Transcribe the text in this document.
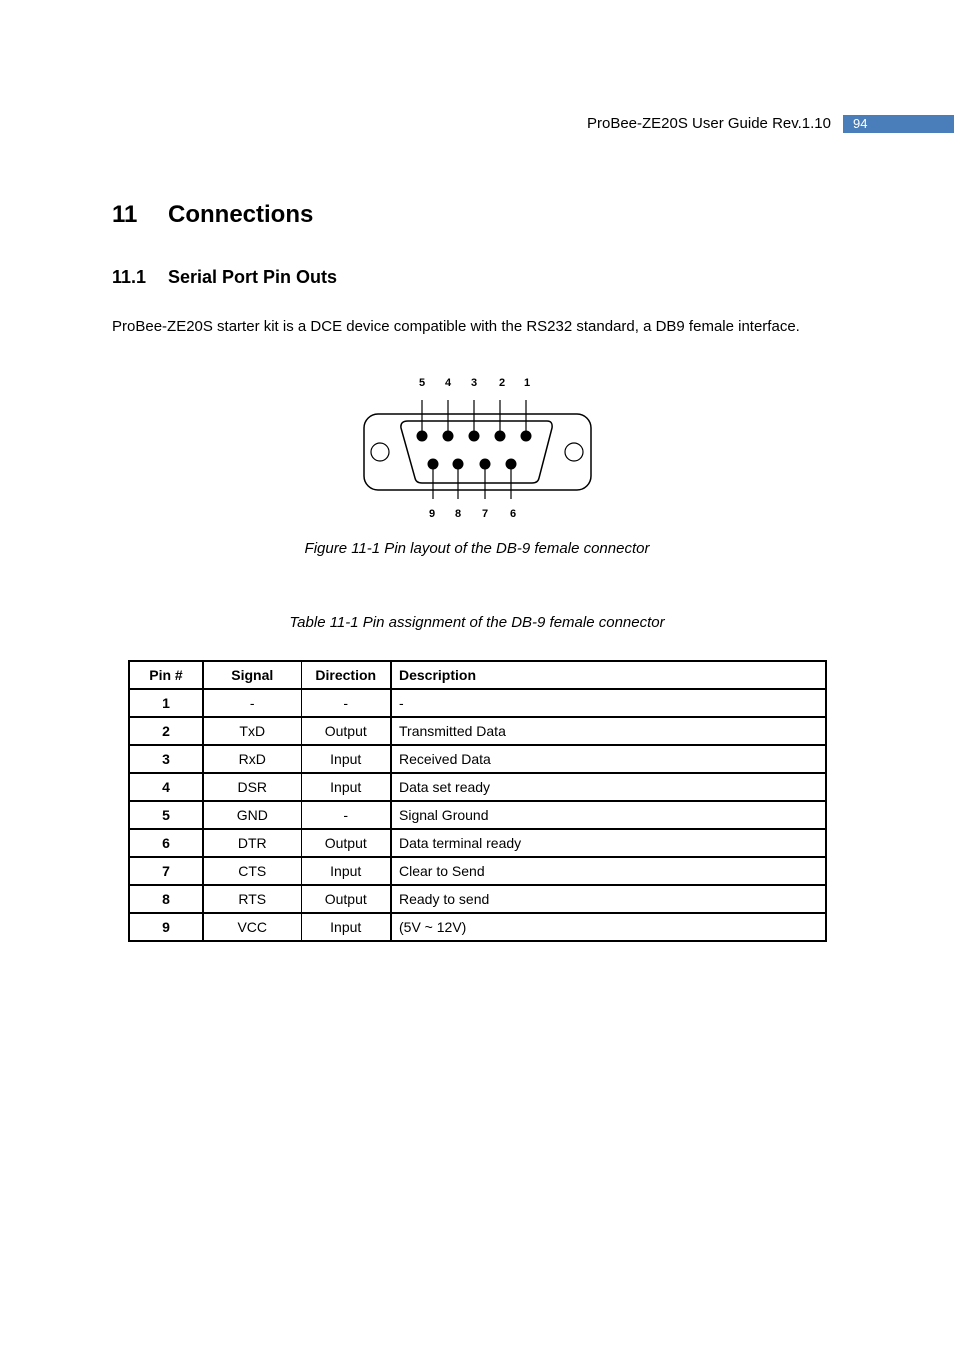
ProBee-ZE20S User Guide Rev.1.10	94
11 Connections
11.1 Serial Port Pin Outs
ProBee-ZE20S starter kit is a DCE device compatible with the RS232 standard, a DB9 female interface.
5 4 3 2 1
9 8 7 6
Figure 11-1 Pin layout of the DB-9 female connector
Table 11-1 Pin assignment of the DB-9 female connector
Pin #	Signal	Direction	Description
1	-	-	-
2	TxD	Output	Transmitted Data
3	RxD	Input	Received Data
4	DSR	Input	Data set ready
5	GND	-	Signal Ground
6	DTR	Output	Data terminal ready
7	CTS	Input	Clear to Send
8	RTS	Output	Ready to send
9	VCC	Input	(5V ~ 12V)
